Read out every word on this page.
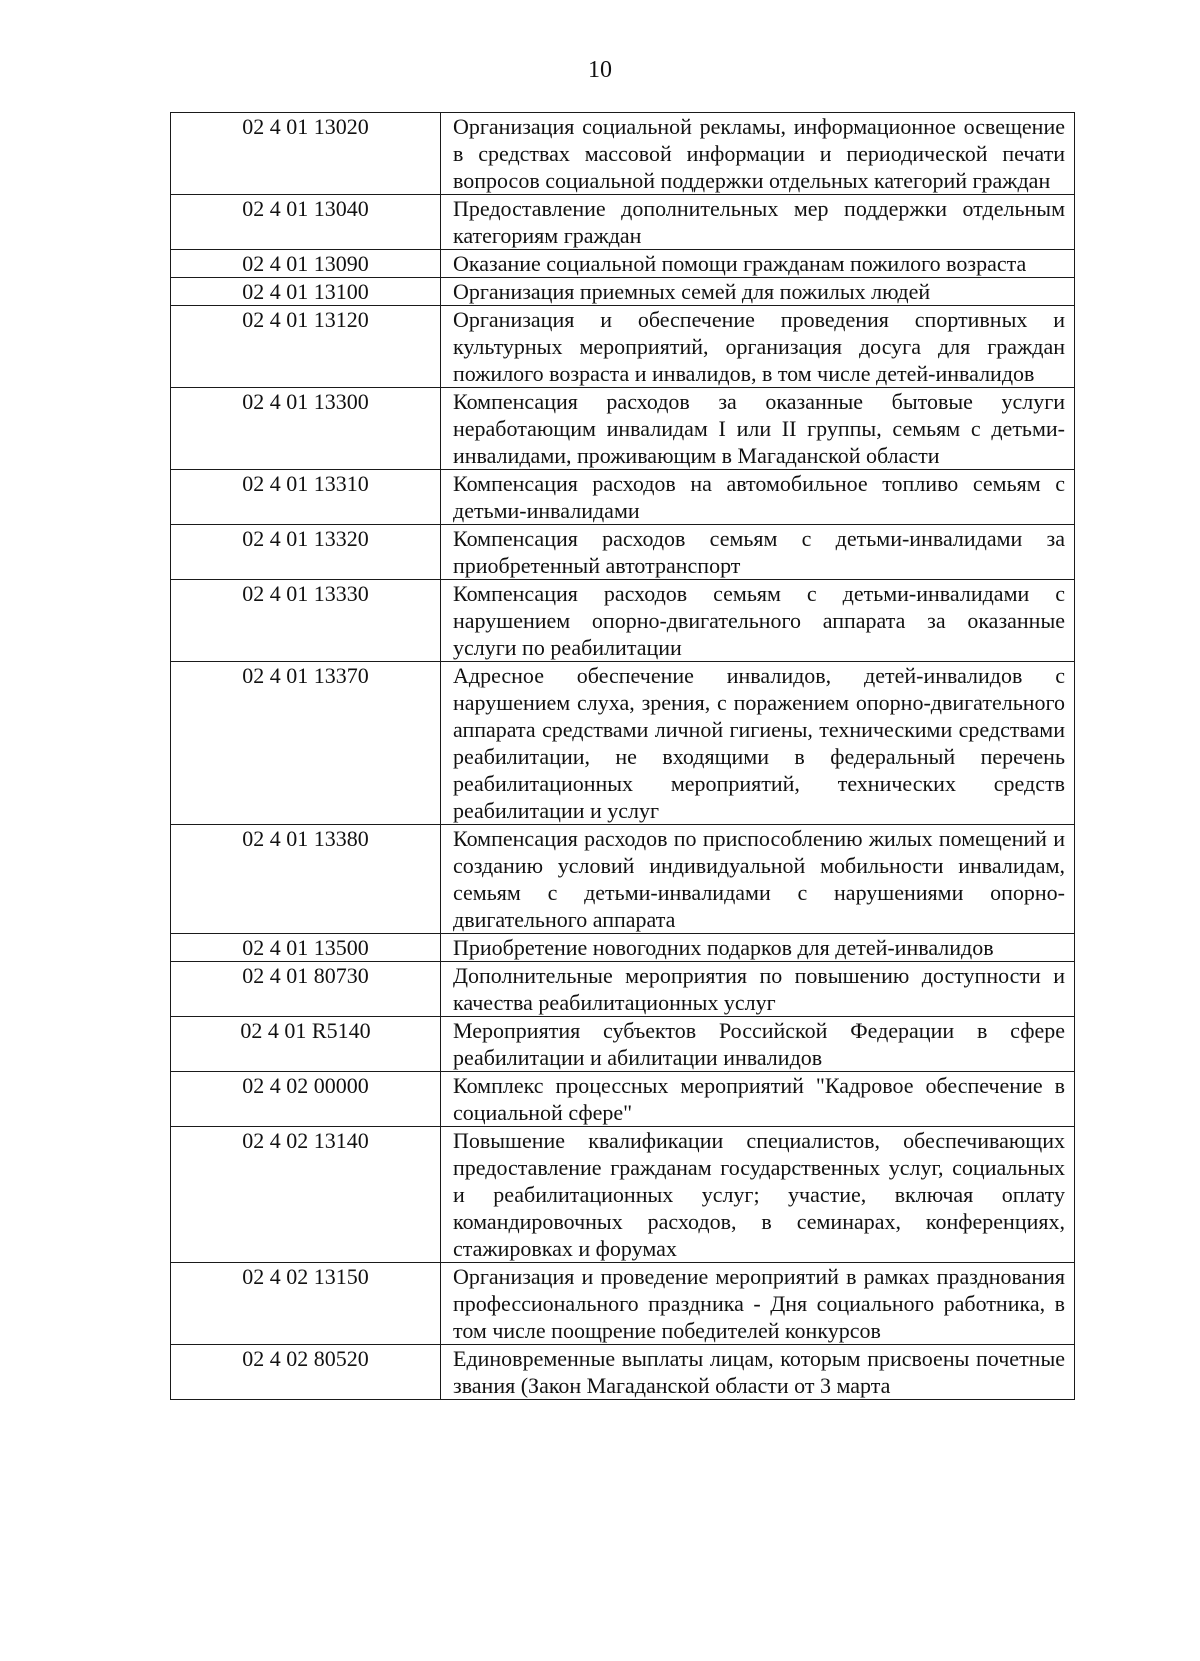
10
02 4 01 13020	Организация социальной рекламы, информационное освещение в средствах массовой информации и периодической печати вопросов социальной поддержки отдельных категорий граждан
02 4 01 13040	Предоставление дополнительных мер поддержки отдельным категориям граждан
02 4 01 13090	Оказание социальной помощи гражданам пожилого возраста
02 4 01 13100	Организация приемных семей для пожилых людей
02 4 01 13120	Организация и обеспечение проведения спортивных и культурных мероприятий, организация досуга для граждан пожилого возраста и инвалидов, в том числе детей-инвалидов
02 4 01 13300	Компенсация расходов за оказанные бытовые услуги неработающим инвалидам I или II группы, семьям с детьми-инвалидами, проживающим в Магаданской области
02 4 01 13310	Компенсация расходов на автомобильное топливо семьям с детьми-инвалидами
02 4 01 13320	Компенсация расходов семьям с детьми-инвалидами за приобретенный автотранспорт
02 4 01 13330	Компенсация расходов семьям с детьми-инвалидами с нарушением опорно-двигательного аппарата за оказанные услуги по реабилитации
02 4 01 13370	Адресное обеспечение инвалидов, детей-инвалидов с нарушением слуха, зрения, с поражением опорно-двигательного аппарата средствами личной гигиены, техническими средствами реабилитации, не входящими в федеральный перечень реабилитационных мероприятий, технических средств реабилитации и услуг
02 4 01 13380	Компенсация расходов по приспособлению жилых помещений и созданию условий индивидуальной мобильности инвалидам, семьям с детьми-инвалидами с нарушениями опорно-двигательного аппарата
02 4 01 13500	Приобретение новогодних подарков для детей-инвалидов
02 4 01 80730	Дополнительные мероприятия по повышению доступности и качества реабилитационных услуг
02 4 01 R5140	Мероприятия субъектов Российской Федерации в сфере реабилитации и абилитации инвалидов
02 4 02 00000	Комплекс процессных мероприятий "Кадровое обеспечение в социальной сфере"
02 4 02 13140	Повышение квалификации специалистов, обеспечивающих предоставление гражданам государственных услуг, социальных и реабилитационных услуг; участие, включая оплату командировочных расходов, в семинарах, конференциях, стажировках и форумах
02 4 02 13150	Организация и проведение мероприятий в рамках празднования профессионального праздника - Дня социального работника, в том числе поощрение победителей конкурсов
02 4 02 80520	Единовременные выплаты лицам, которым присвоены почетные звания (Закон Магаданской области от 3 марта
